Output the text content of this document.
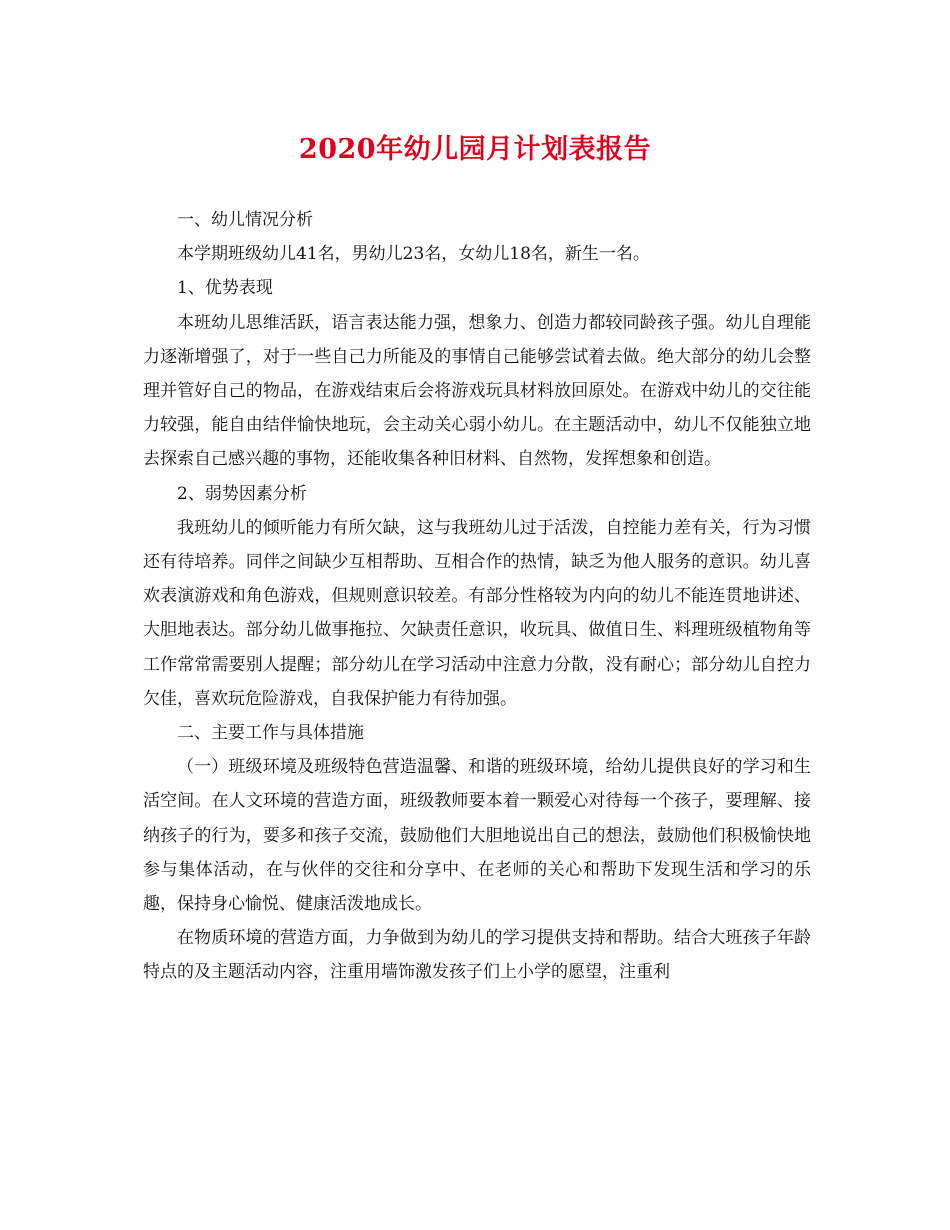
2020年幼儿园月计划表报告

一、幼儿情况分析

本学期班级幼儿41名，男幼儿23名，女幼儿18名，新生一名。

1、优势表现

本班幼儿思维活跃，语言表达能力强，想象力、创造力都较同龄孩子强。幼儿自理能力逐渐增强了，对于一些自己力所能及的事情自己能够尝试着去做。绝大部分的幼儿会整理并管好自己的物品，在游戏结束后会将游戏玩具材料放回原处。在游戏中幼儿的交往能力较强，能自由结伴愉快地玩，会主动关心弱小幼儿。在主题活动中，幼儿不仅能独立地去探索自己感兴趣的事物，还能收集各种旧材料、自然物，发挥想象和创造。

2、弱势因素分析

我班幼儿的倾听能力有所欠缺，这与我班幼儿过于活泼，自控能力差有关，行为习惯还有待培养。同伴之间缺少互相帮助、互相合作的热情，缺乏为他人服务的意识。幼儿喜欢表演游戏和角色游戏，但规则意识较差。有部分性格较为内向的幼儿不能连贯地讲述、大胆地表达。部分幼儿做事拖拉、欠缺责任意识，收玩具、做值日生、料理班级植物角等工作常常需要别人提醒；部分幼儿在学习活动中注意力分散，没有耐心；部分幼儿自控力欠佳，喜欢玩危险游戏，自我保护能力有待加强。

二、主要工作与具体措施

（一）班级环境及班级特色营造温馨、和谐的班级环境，给幼儿提供良好的学习和生活空间。在人文环境的营造方面，班级教师要本着一颗爱心对待每一个孩子，要理解、接纳孩子的行为，要多和孩子交流，鼓励他们大胆地说出自己的想法，鼓励他们积极愉快地参与集体活动，在与伙伴的交往和分享中、在老师的关心和帮助下发现生活和学习的乐趣，保持身心愉悦、健康活泼地成长。

在物质环境的营造方面，力争做到为幼儿的学习提供支持和帮助。结合大班孩子年龄特点的及主题活动内容，注重用墙饰激发孩子们上小学的愿望，注重利
